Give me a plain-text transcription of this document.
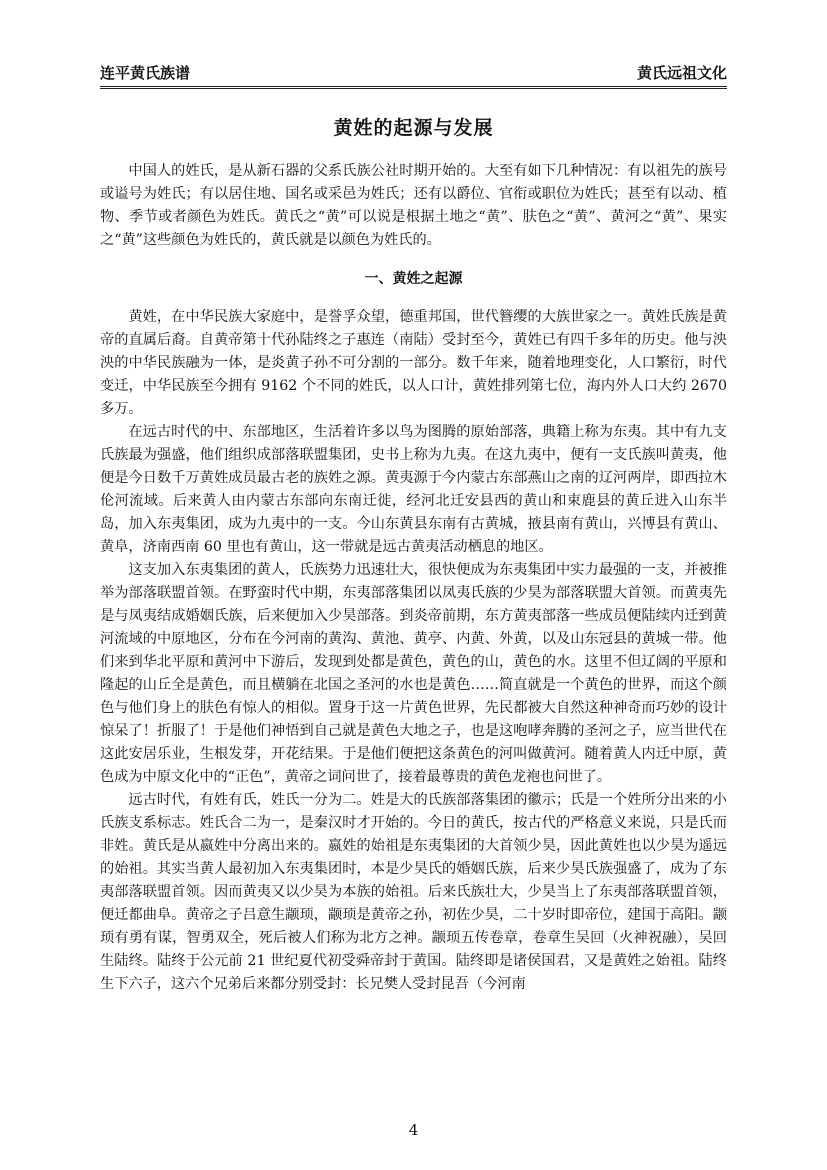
连平黄氏族谱	黄氏远祖文化
黄姓的起源与发展

中国人的姓氏，是从新石器的父系氏族公社时期开始的。大至有如下几种情况：有以祖先的族号或谥号为姓氏；有以居住地、国名或采邑为姓氏；还有以爵位、官衔或职位为姓氏；甚至有以动、植物、季节或者颜色为姓氏。黄氏之“黄”可以说是根据土地之“黄”、肤色之“黄”、黄河之“黄”、果实之“黄”这些颜色为姓氏的，黄氏就是以颜色为姓氏的。

一、黄姓之起源

黄姓，在中华民族大家庭中，是誉孚众望，德重邦国，世代簪缨的大族世家之一。黄姓氏族是黄帝的直属后裔。自黄帝第十代孙陆终之子惠连（南陆）受封至今，黄姓已有四千多年的历史。他与泱泱的中华民族融为一体，是炎黄子孙不可分割的一部分。数千年来，随着地理变化，人口繁衍，时代变迁，中华民族至今拥有 9162 个不同的姓氏，以人口计，黄姓排列第七位，海内外人口大约 2670 多万。

在远古时代的中、东部地区，生活着许多以鸟为图腾的原始部落，典籍上称为东夷。其中有九支氏族最为强盛，他们组织成部落联盟集团，史书上称为九夷。在这九夷中，便有一支氏族叫黄夷，他便是今日数千万黄姓成员最古老的族姓之源。黄夷源于今内蒙古东部燕山之南的辽河两岸，即西拉木伦河流域。后来黄人由内蒙古东部向东南迁徙，经河北迁安县西的黄山和束鹿县的黄丘进入山东半岛，加入东夷集团，成为九夷中的一支。今山东黄县东南有古黄城，掖县南有黄山，兴博县有黄山、黄阜，济南西南 60 里也有黄山，这一带就是远古黄夷活动栖息的地区。

这支加入东夷集团的黄人，氏族势力迅速壮大，很快便成为东夷集团中实力最强的一支，并被推举为部落联盟首领。在野蛮时代中期，东夷部落集团以凤夷氏族的少昊为部落联盟大首领。而黄夷先是与凤夷结成婚姻氏族，后来便加入少昊部落。到炎帝前期，东方黄夷部落一些成员便陆续内迁到黄河流域的中原地区，分布在今河南的黄沟、黄池、黄亭、内黄、外黄，以及山东冠县的黄城一带。他们来到华北平原和黄河中下游后，发现到处都是黄色，黄色的山，黄色的水。这里不但辽阔的平原和隆起的山丘全是黄色，而且横躺在北国之圣河的水也是黄色……简直就是一个黄色的世界，而这个颜色与他们身上的肤色有惊人的相似。置身于这一片黄色世界，先民都被大自然这种神奇而巧妙的设计惊呆了！折服了！于是他们神悟到自己就是黄色大地之子，也是这咆哮奔腾的圣河之子，应当世代在这此安居乐业，生根发芽，开花结果。于是他们便把这条黄色的河叫做黄河。随着黄人内迁中原，黄色成为中原文化中的“正色”，黄帝之词问世了，接着最尊贵的黄色龙袍也问世了。

远古时代，有姓有氏，姓氏一分为二。姓是大的氏族部落集团的徽示；氏是一个姓所分出来的小氏族支系标志。姓氏合二为一，是秦汉时才开始的。今日的黄氏，按古代的严格意义来说，只是氏而非姓。黄氏是从嬴姓中分离出来的。嬴姓的始祖是东夷集团的大首领少昊，因此黄姓也以少昊为遥远的始祖。其实当黄人最初加入东夷集团时，本是少昊氏的婚姻氏族，后来少昊氏族强盛了，成为了东夷部落联盟首领。因而黄夷又以少昊为本族的始祖。后来氏族壮大，少昊当上了东夷部落联盟首领，便迁都曲阜。黄帝之子吕意生颛顼，颛顼是黄帝之孙，初佐少昊，二十岁时即帝位，建国于高阳。颛顼有勇有谋，智勇双全，死后被人们称为北方之神。颛顼五传卷章，卷章生吴回（火神祝融），吴回生陆终。陆终于公元前 21 世纪夏代初受舜帝封于黄国。陆终即是诸侯国君，又是黄姓之始祖。陆终生下六子，这六个兄弟后来都分别受封：长兄樊人受封昆吾（今河南

4
